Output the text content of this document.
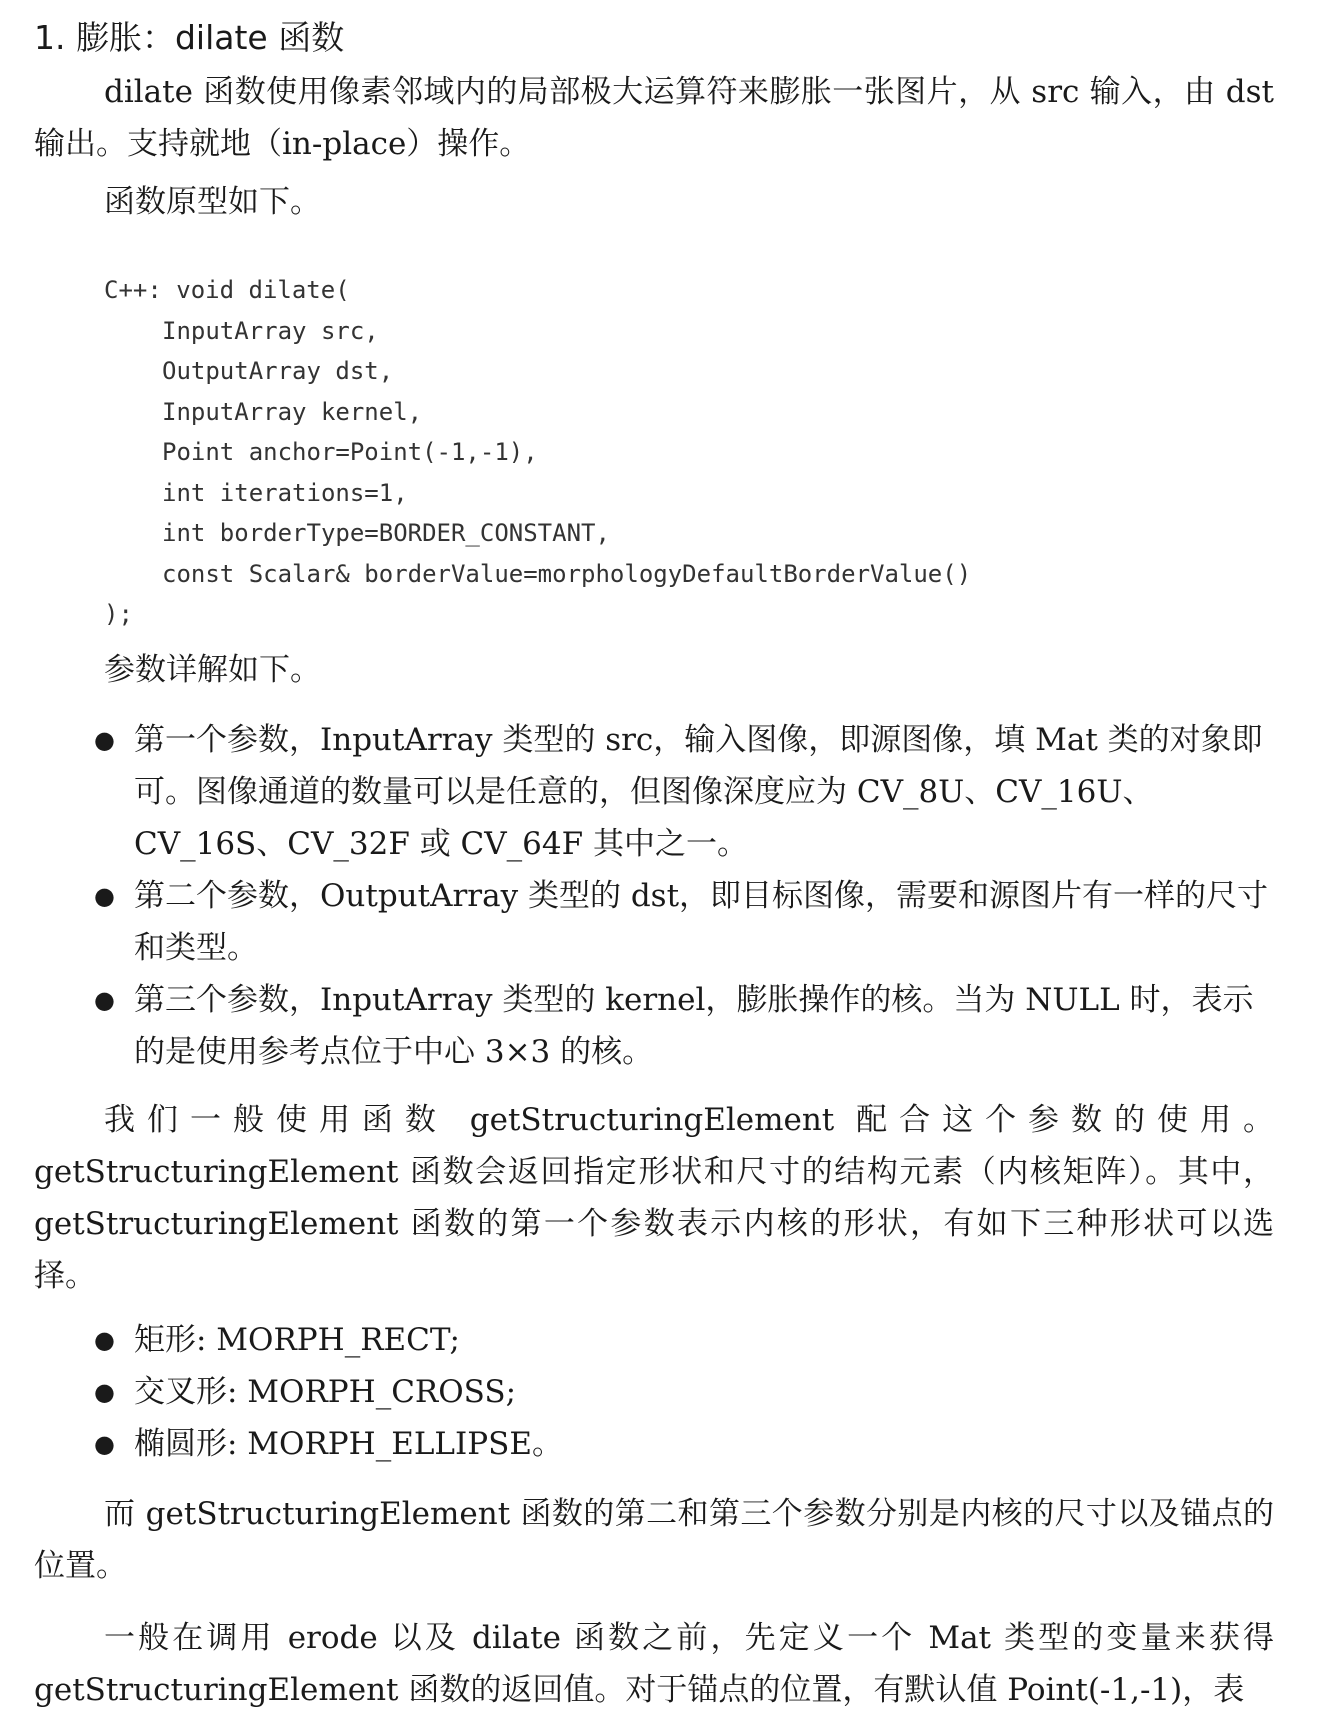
1. 膨胀：dilate 函数

dilate 函数使用像素邻域内的局部极大运算符来膨胀一张图片，从 src 输入，由 dst 输出。支持就地（in-place）操作。

函数原型如下。

C++: void dilate(
InputArray src,
OutputArray dst,
InputArray kernel,
Point anchor=Point(-1,-1),
int iterations=1,
int borderType=BORDER_CONSTANT,
const Scalar& borderValue=morphologyDefaultBorderValue()
);

参数详解如下。

● 第一个参数，InputArray 类型的 src，输入图像，即源图像，填 Mat 类的对象即可。图像通道的数量可以是任意的，但图像深度应为 CV_8U、CV_16U、CV_16S、CV_32F 或 CV_64F 其中之一。
● 第二个参数，OutputArray 类型的 dst，即目标图像，需要和源图片有一样的尺寸和类型。
● 第三个参数，InputArray 类型的 kernel，膨胀操作的核。当为 NULL 时，表示的是使用参考点位于中心 3×3 的核。

我们一般使用函数 getStructuringElement 配合这个参数的使用。getStructuringElement 函数会返回指定形状和尺寸的结构元素（内核矩阵）。其中，getStructuringElement 函数的第一个参数表示内核的形状，有如下三种形状可以选择。

● 矩形: MORPH_RECT;
● 交叉形: MORPH_CROSS;
● 椭圆形: MORPH_ELLIPSE。

而 getStructuringElement 函数的第二和第三个参数分别是内核的尺寸以及锚点的位置。

一般在调用 erode 以及 dilate 函数之前，先定义一个 Mat 类型的变量来获得 getStructuringElement 函数的返回值。对于锚点的位置，有默认值 Point(-1,-1)，表
